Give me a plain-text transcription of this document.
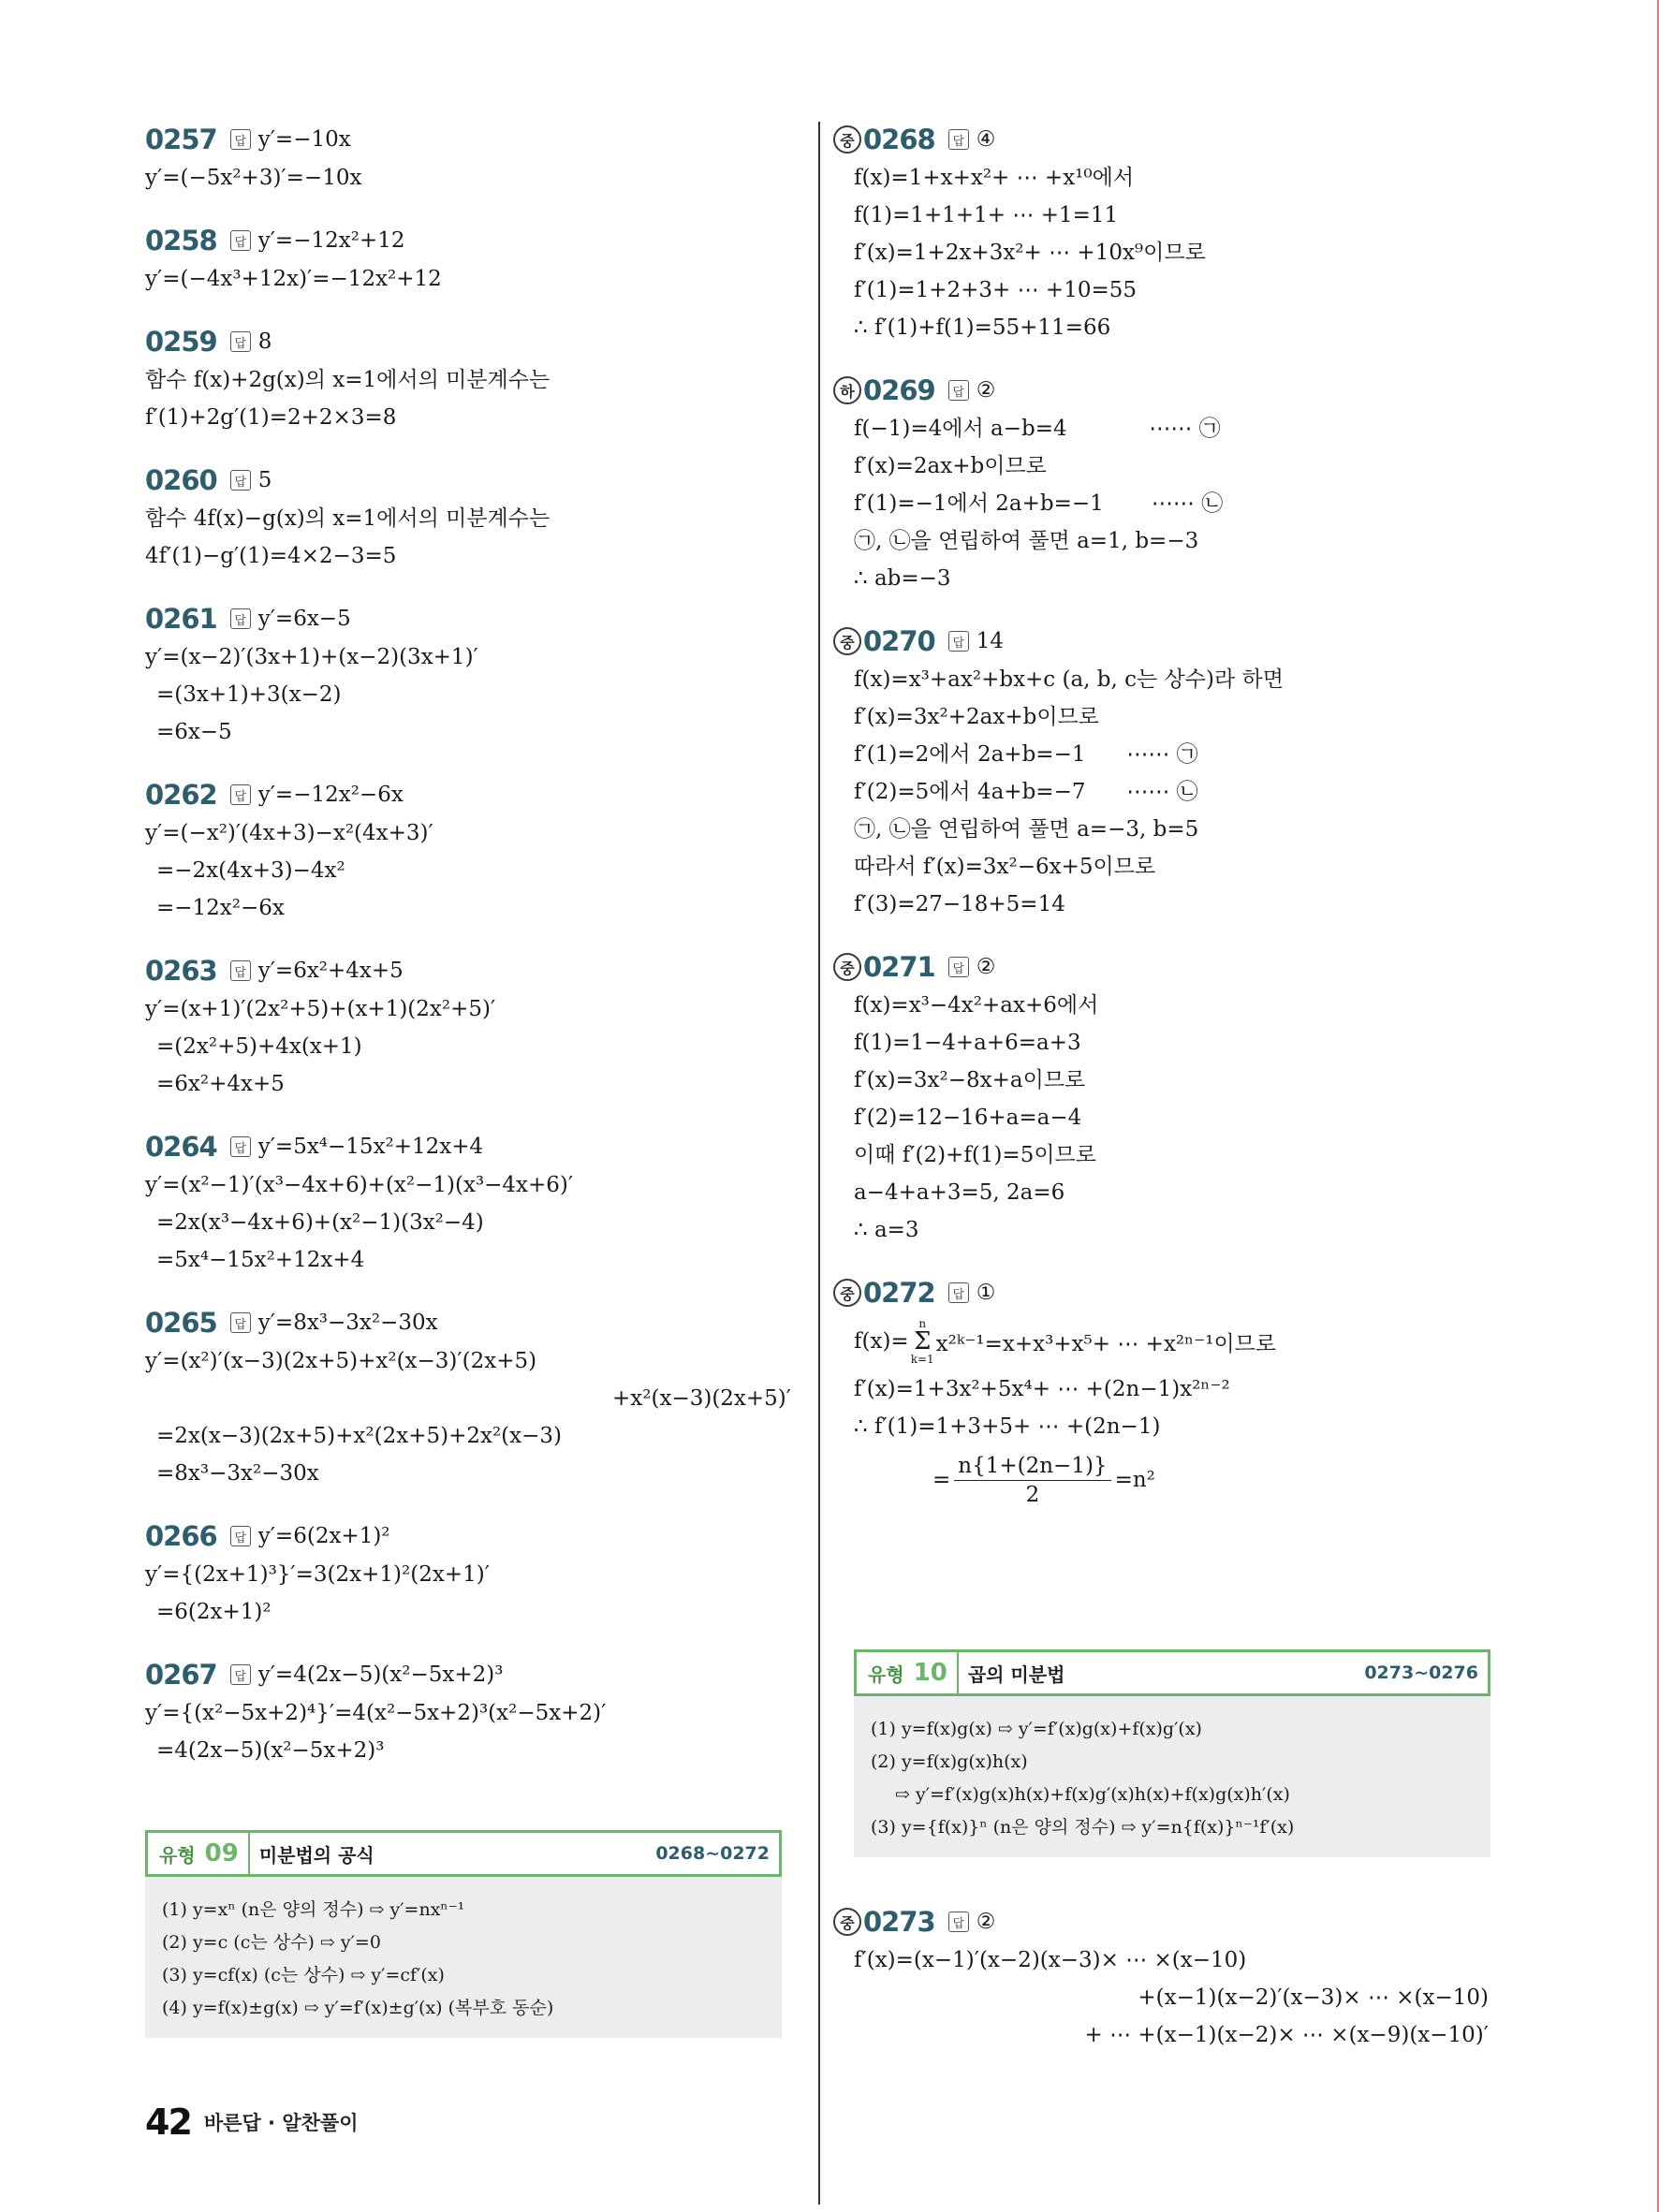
0257	답 y′=−10x
y′=(−5x²+3)′=−10x
0258	답 y′=−12x²+12
y′=(−4x³+12x)′=−12x²+12
0259	답 8
함수 f(x)+2g(x)의 x=1에서의 미분계수는
f′(1)+2g′(1)=2+2×3=8
0260	답 5
함수 4f(x)−g(x)의 x=1에서의 미분계수는
4f′(1)−g′(1)=4×2−3=5
0261	답 y′=6x−5
y′=(x−2)′(3x+1)+(x−2)(3x+1)′
=(3x+1)+3(x−2)
=6x−5
0262	답 y′=−12x²−6x
y′=(−x²)′(4x+3)−x²(4x+3)′
=−2x(4x+3)−4x²
=−12x²−6x
0263	답 y′=6x²+4x+5
y′=(x+1)′(2x²+5)+(x+1)(2x²+5)′
=(2x²+5)+4x(x+1)
=6x²+4x+5
0264	답 y′=5x⁴−15x²+12x+4
y′=(x²−1)′(x³−4x+6)+(x²−1)(x³−4x+6)′
=2x(x³−4x+6)+(x²−1)(3x²−4)
=5x⁴−15x²+12x+4
0265	답 y′=8x³−3x²−30x
y′=(x²)′(x−3)(2x+5)+x²(x−3)′(2x+5)
+x²(x−3)(2x+5)′
=2x(x−3)(2x+5)+x²(2x+5)+2x²(x−3)
=8x³−3x²−30x
0266	답 y′=6(2x+1)²
y′={(2x+1)³}′=3(2x+1)²(2x+1)′
=6(2x+1)²
0267	답 y′=4(2x−5)(x²−5x+2)³
y′={(x²−5x+2)⁴}′=4(x²−5x+2)³(x²−5x+2)′
=4(2x−5)(x²−5x+2)³
유형 09 미분법의 공식	0268~0272
(1) y=xⁿ (n은 양의 정수) ⇨ y′=nxⁿ⁻¹
(2) y=c (c는 상수) ⇨ y′=0
(3) y=cf(x) (c는 상수) ⇨ y′=cf′(x)
(4) y=f(x)±g(x) ⇨ y′=f′(x)±g′(x) (복부호 동순)
중 0268	답 ④
f(x)=1+x+x²+ ⋯ +x¹⁰에서
f(1)=1+1+1+ ⋯ +1=11
f′(x)=1+2x+3x²+ ⋯ +10x⁹이므로
f′(1)=1+2+3+ ⋯ +10=55
∴ f′(1)+f(1)=55+11=66
하 0269	답 ②
f(−1)=4에서 a−b=4            ⋯⋯ ㉠
f′(x)=2ax+b이므로
f′(1)=−1에서 2a+b=−1       ⋯⋯ ㉡
㉠, ㉡을 연립하여 풀면 a=1, b=−3
∴ ab=−3
중 0270	답 14
f(x)=x³+ax²+bx+c (a, b, c는 상수)라 하면
f′(x)=3x²+2ax+b이므로
f′(1)=2에서 2a+b=−1      ⋯⋯ ㉠
f′(2)=5에서 4a+b=−7      ⋯⋯ ㉡
㉠, ㉡을 연립하여 풀면 a=−3, b=5
따라서 f′(x)=3x²−6x+5이므로
f′(3)=27−18+5=14
중 0271	답 ②
f(x)=x³−4x²+ax+6에서
f(1)=1−4+a+6=a+3
f′(x)=3x²−8x+a이므로
f′(2)=12−16+a=a−4
이때 f′(2)+f(1)=5이므로
a−4+a+3=5, 2a=6
∴ a=3
중 0272	답 ①
f(x)=
n
Σ
k=1
x²ᵏ⁻¹=x+x³+x⁵+ ⋯ +x²ⁿ⁻¹이므로
f′(x)=1+3x²+5x⁴+ ⋯ +(2n−1)x²ⁿ⁻²
∴ f′(1)=1+3+5+ ⋯ +(2n−1)
= $\frac{n\{1+(2n-1)\}}{2} =n^2$
유형 10 곱의 미분법	0273~0276
(1) y=f(x)g(x) ⇨ y′=f′(x)g(x)+f(x)g′(x)
(2) y=f(x)g(x)h(x)
⇨ y′=f′(x)g(x)h(x)+f(x)g′(x)h(x)+f(x)g(x)h′(x)
(3) y={f(x)}ⁿ (n은 양의 정수) ⇨ y′=n{f(x)}ⁿ⁻¹f′(x)
중 0273	답 ②
f′(x)=(x−1)′(x−2)(x−3)× ⋯ ×(x−10)
+(x−1)(x−2)′(x−3)× ⋯ ×(x−10)
+ ⋯ +(x−1)(x−2)× ⋯ ×(x−9)(x−10)′
42 바른답 · 알찬풀이
